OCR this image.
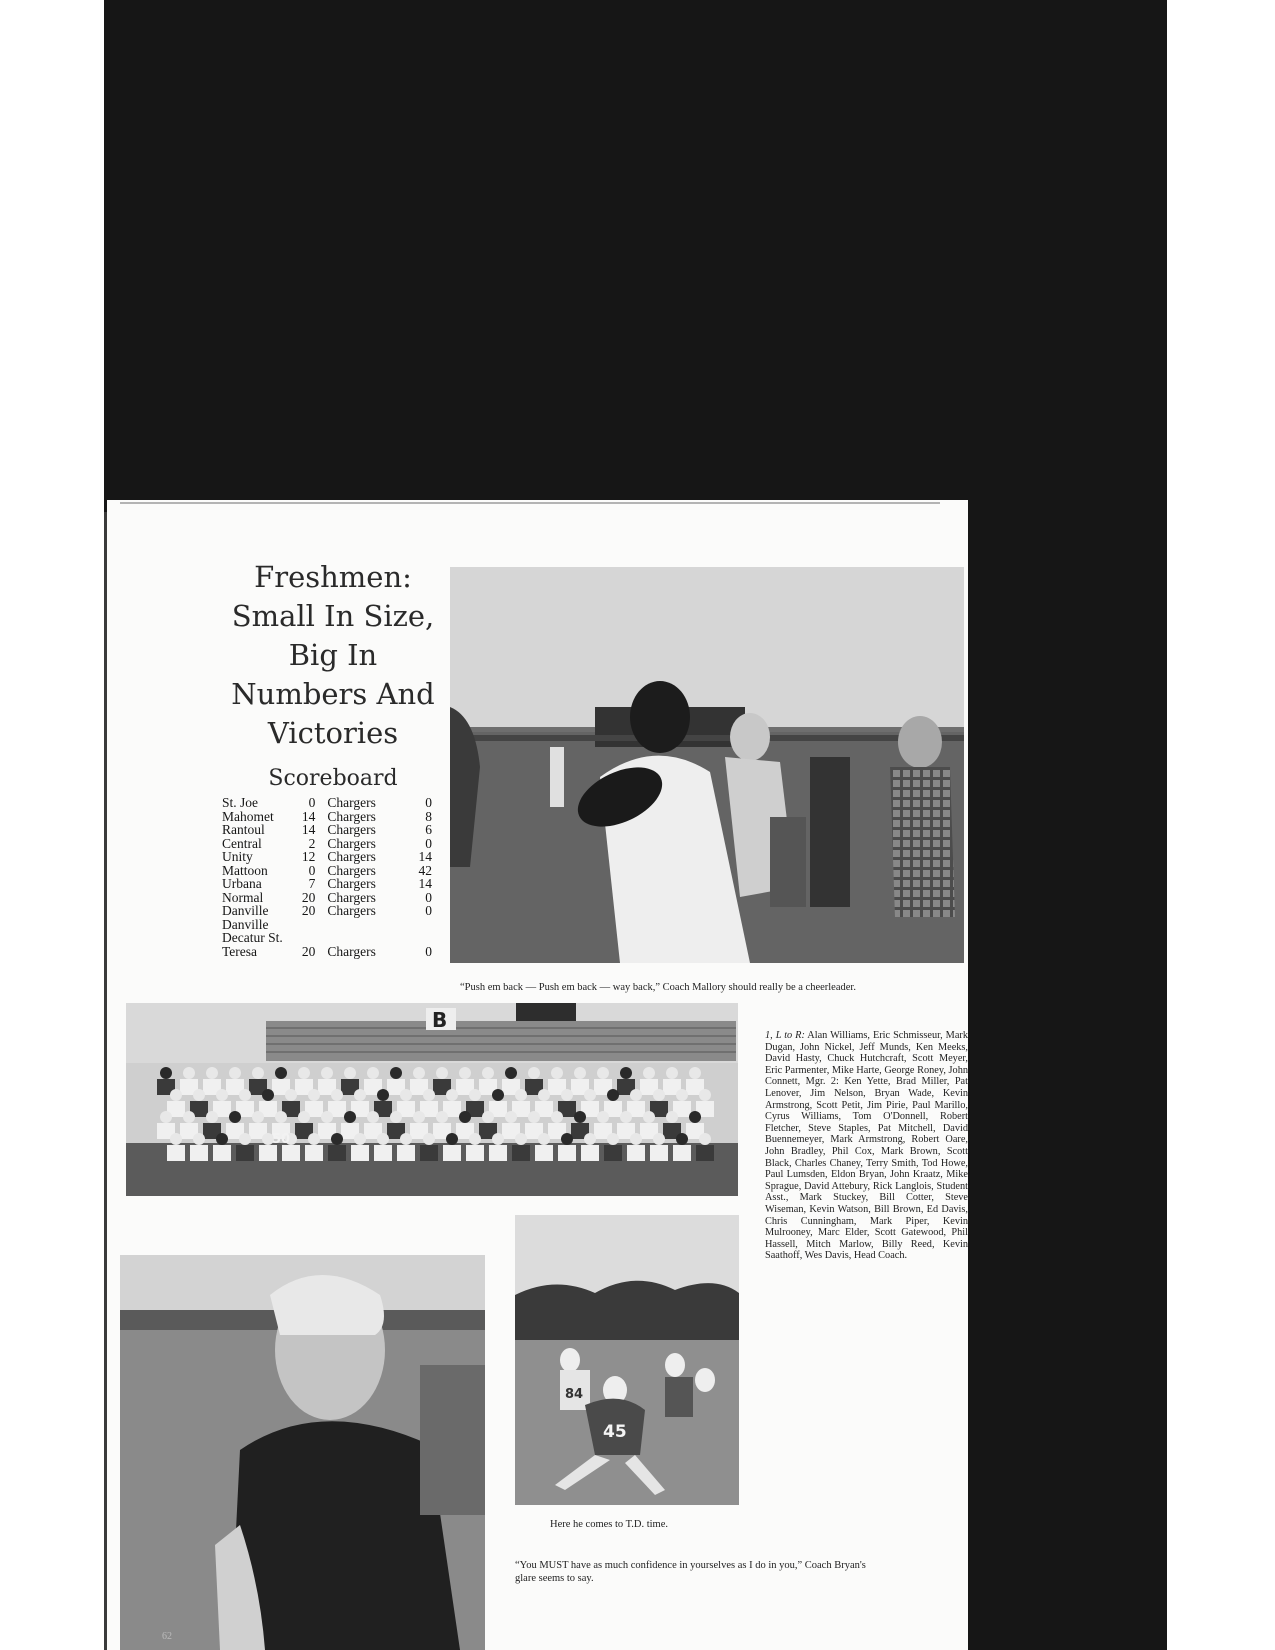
Freshmen:
Small In Size,
Big In
Numbers And
Victories
Scoreboard
St. Joe	0 Chargers	0
Mahomet	14 Chargers	8
Rantoul	14 Chargers	6
Central	2 Chargers	0
Unity	12 Chargers	14
Mattoon	0 Chargers	42
Urbana	7 Chargers	14
Normal	20 Chargers	0
Danville	20 Chargers	0
Danville
Decatur St.
Teresa	20 Chargers	0
B
50
45
84
“Push em back — Push em back — way back,” Coach Mallory should really be a cheerleader.
1, L to R: Alan Williams, Eric Schmisseur, Mark Dugan, John Nickel, Jeff Munds, Ken Meeks, David Hasty, Chuck Hutchcraft, Scott Meyer, Eric Parmenter, Mike Harte, George Roney, John Connett, Mgr. 2: Ken Yette, Brad Miller, Pat Lenover, Jim Nelson, Bryan Wade, Kevin Armstrong, Scott Petit, Jim Pirie, Paul Marillo, Cyrus Williams, Tom O'Donnell, Robert Fletcher, Steve Staples, Pat Mitchell, David Buennemeyer, Mark Armstrong, Robert Oare, John Bradley, Phil Cox, Mark Brown, Scott Black, Charles Chaney, Terry Smith, Tod Howe, Paul Lumsden, Eldon Bryan, John Kraatz, Mike Sprague, David Attebury, Rick Langlois, Student Asst., Mark Stuckey, Bill Cotter, Steve Wiseman, Kevin Watson, Bill Brown, Ed Davis, Chris Cunningham, Mark Piper, Kevin Mulrooney, Marc Elder, Scott Gatewood, Phil Hassell, Mitch Marlow, Billy Reed, Kevin Saathoff, Wes Davis, Head Coach.
Here he comes to T.D. time.
“You MUST have as much confidence in yourselves as I do in you,” Coach Bryan's glare seems to say.
62
